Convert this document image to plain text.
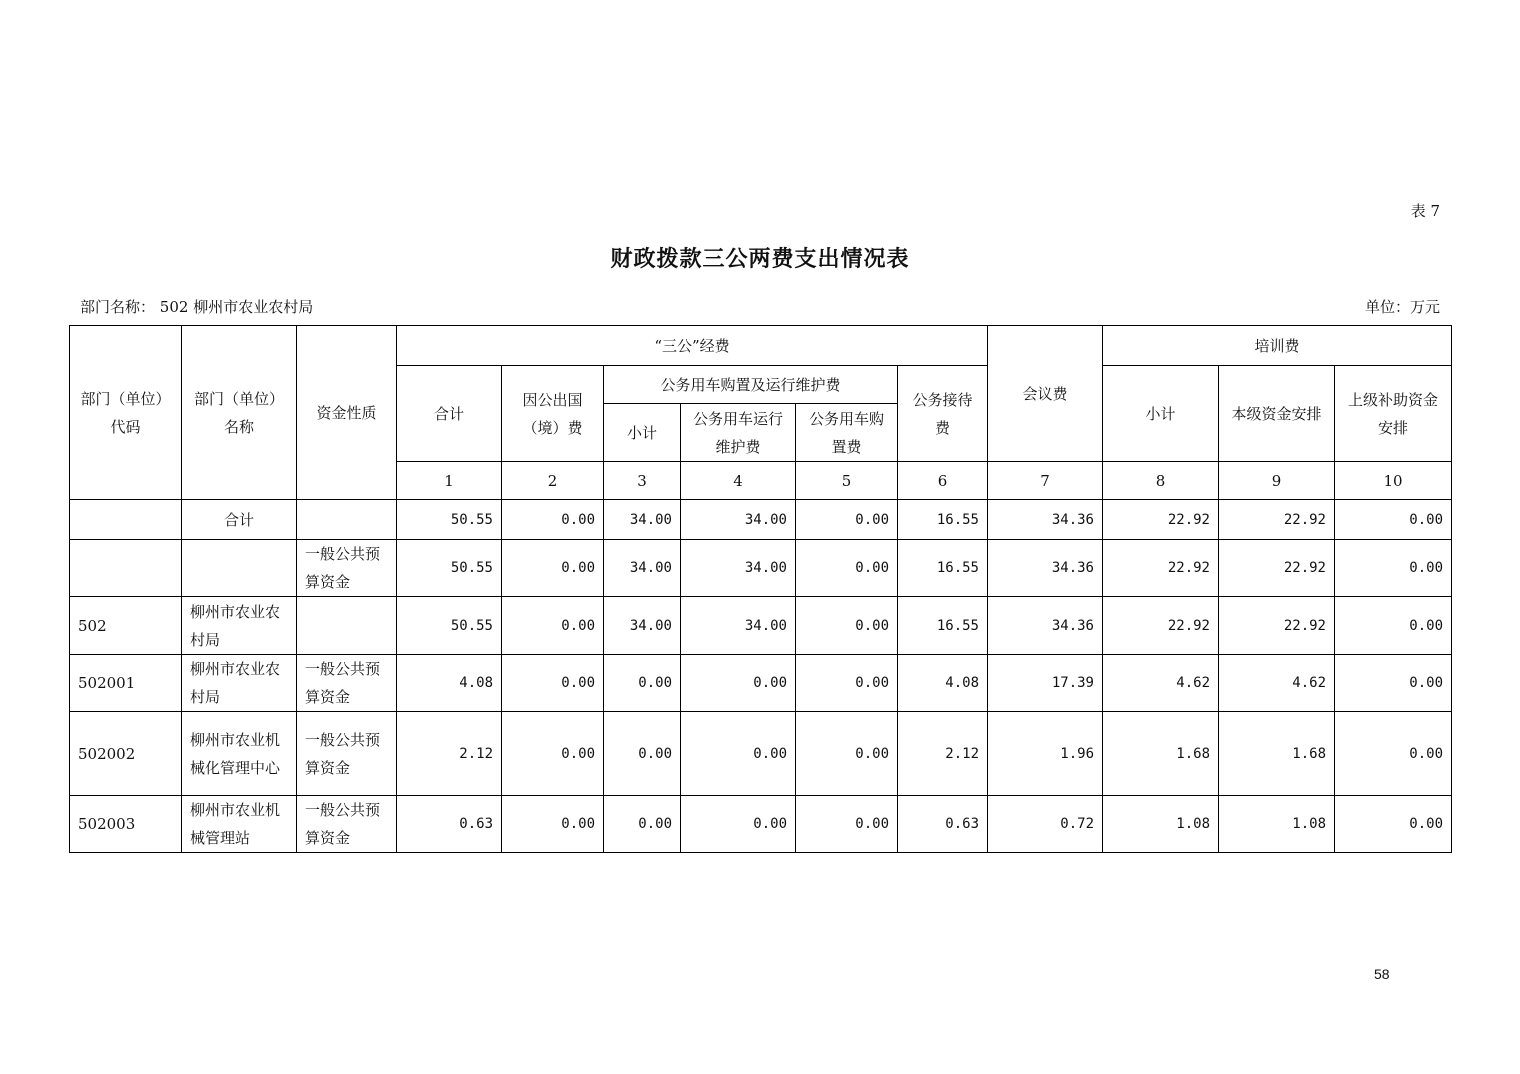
表 7
财政拨款三公两费支出情况表
部门名称： 502 柳州市农业农村局	单位：万元
部门（单位）代码	部门（单位）名称	资金性质	“三公”经费						会议费	培训费		
			合计	因公出国（境）费	公务用车购置及运行维护费			公务接待费		小计	本级资金安排	上级补助资金安排
					小计	公务用车运行维护费	公务用车购置费					
			1	2	3	4	5	6	7	8	9	10
	合计		50.55	0.00	34.00	34.00	0.00	16.55	34.36	22.92	22.92	0.00
		一般公共预算资金	50.55	0.00	34.00	34.00	0.00	16.55	34.36	22.92	22.92	0.00
502	柳州市农业农村局		50.55	0.00	34.00	34.00	0.00	16.55	34.36	22.92	22.92	0.00
502001	柳州市农业农村局	一般公共预算资金	4.08	0.00	0.00	0.00	0.00	4.08	17.39	4.62	4.62	0.00
502002	柳州市农业机械化管理中心	一般公共预算资金	2.12	0.00	0.00	0.00	0.00	2.12	1.96	1.68	1.68	0.00
502003	柳州市农业机械管理站	一般公共预算资金	0.63	0.00	0.00	0.00	0.00	0.63	0.72	1.08	1.08	0.00
58
